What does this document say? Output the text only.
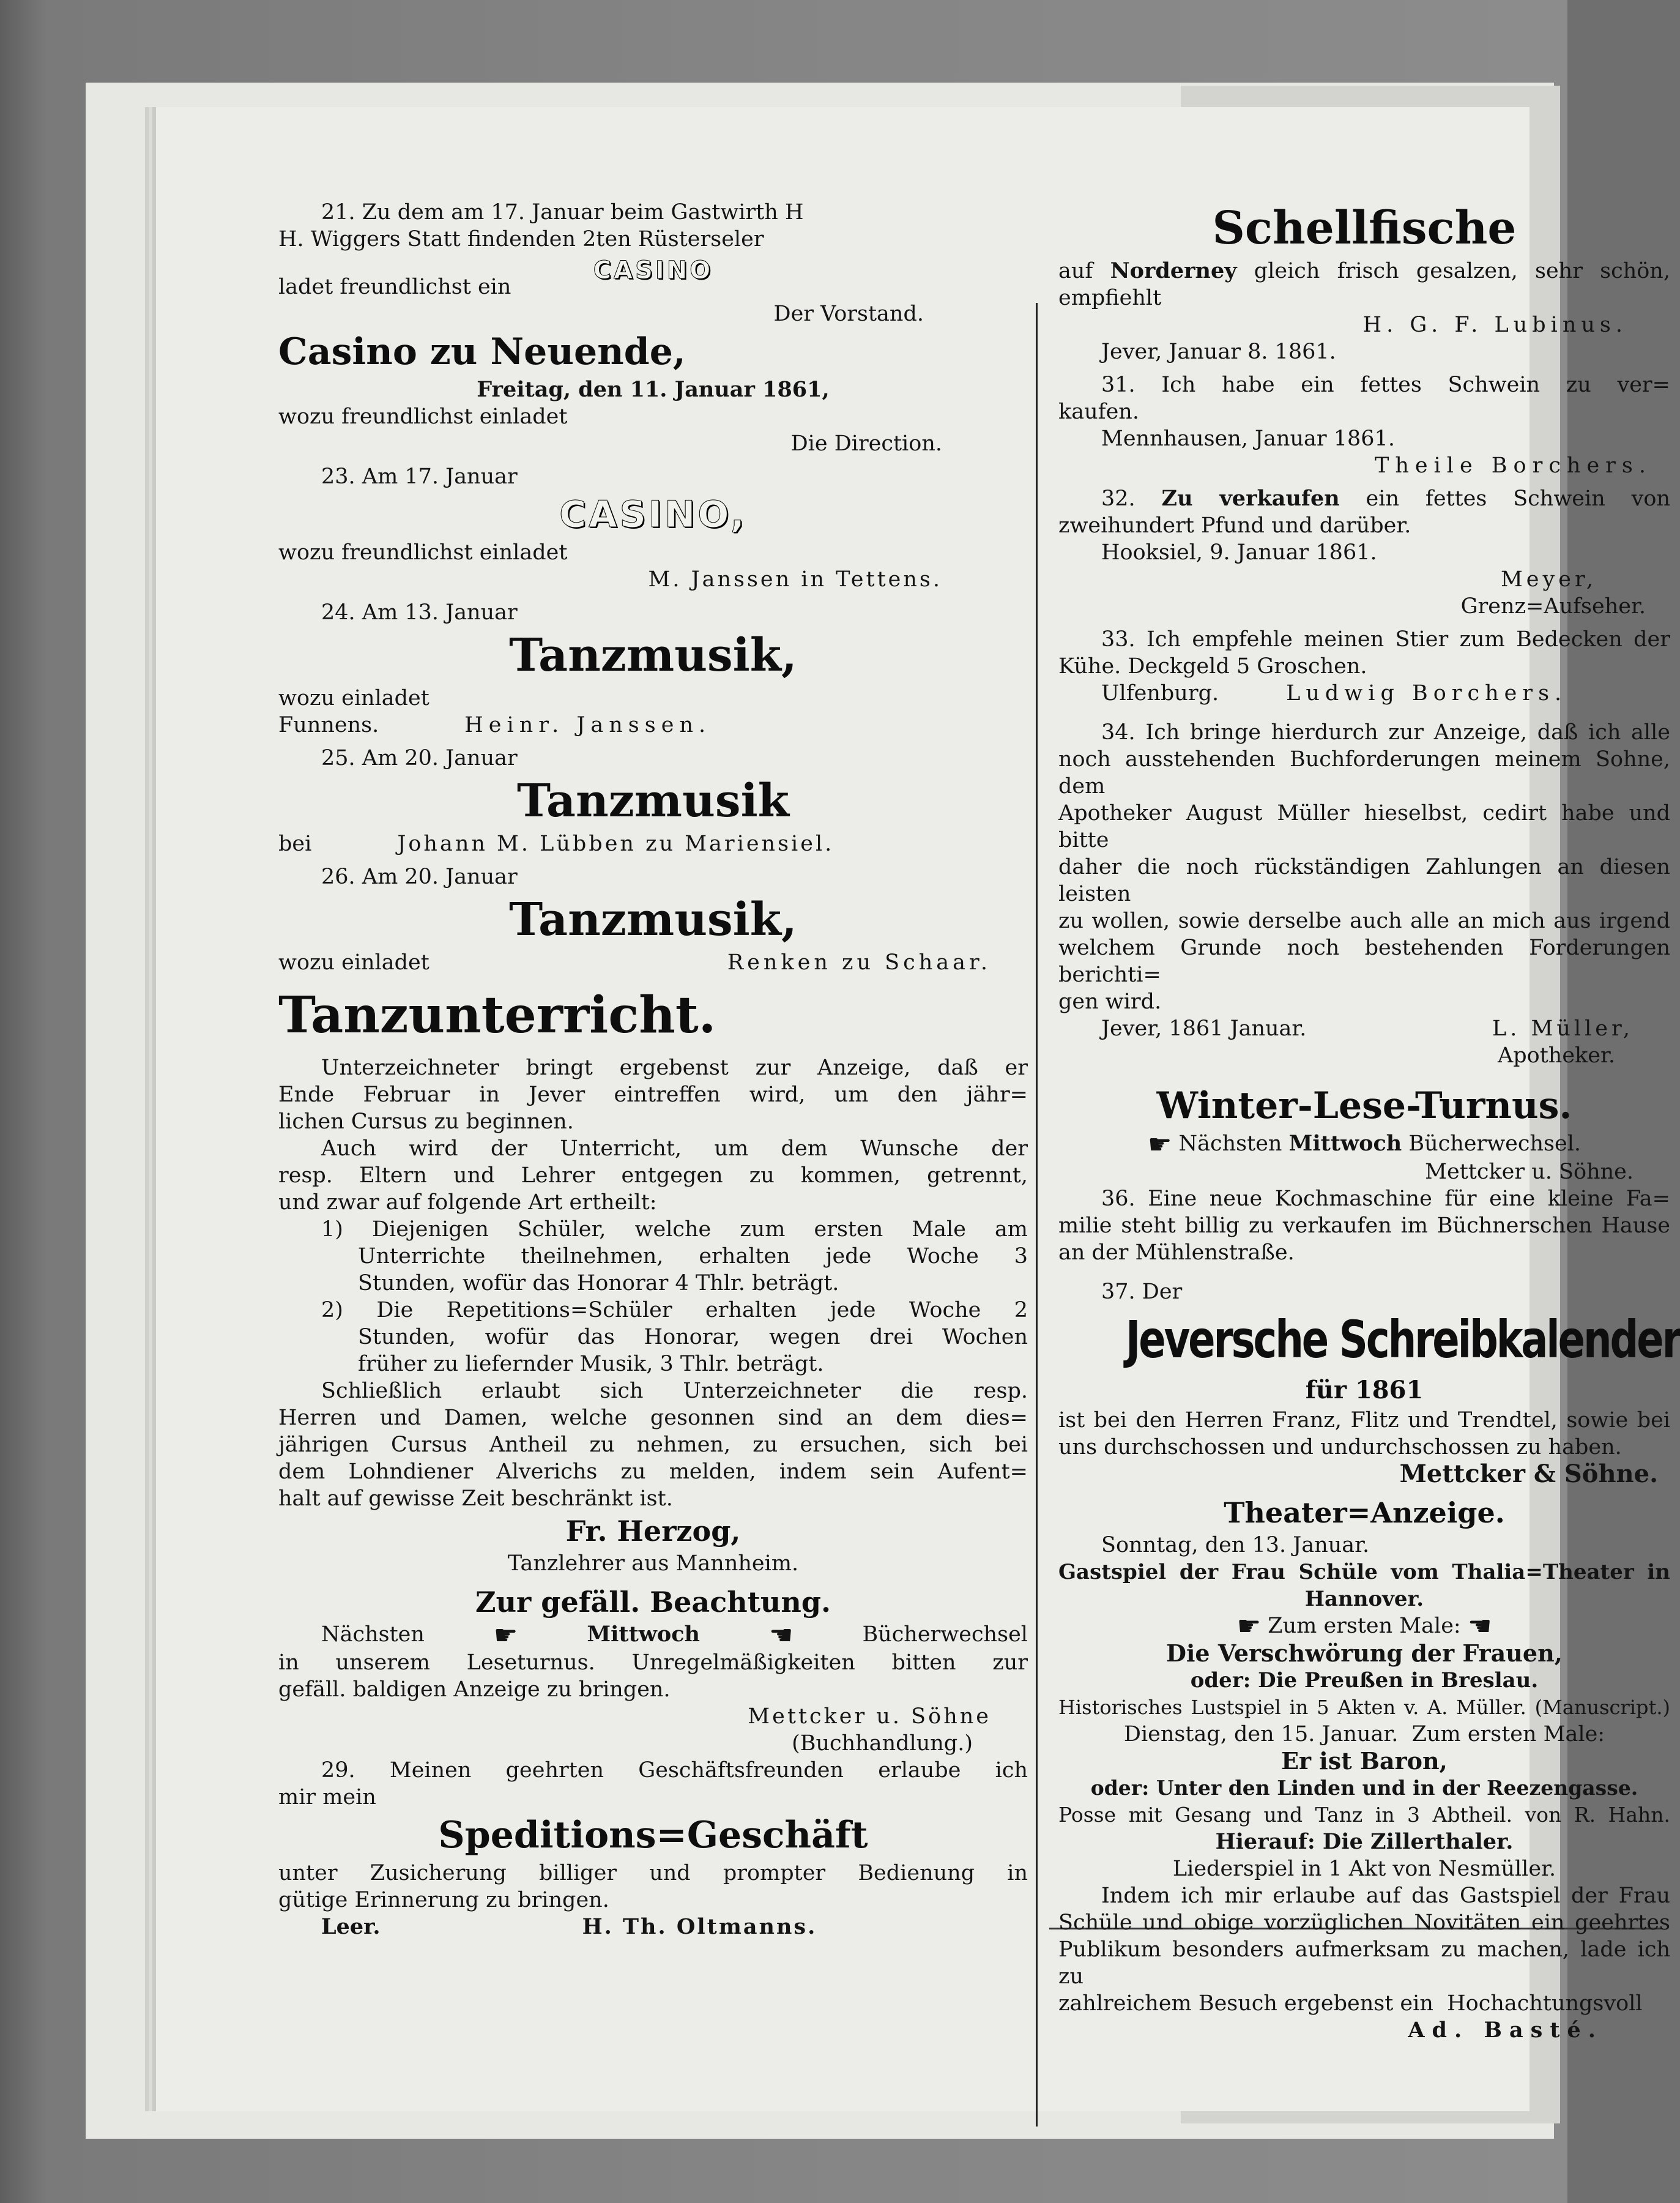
21. Zu dem am 17. Januar beim Gastwirth H

H. Wiggers Statt findenden 2ten Rüsterseler

CASINO

ladet freundlichst ein

Der Vorstand.

Casino zu Neuende,

Freitag, den 11. Januar 1861,

wozu freundlichst einladet

Die Direction.

23. Am 17. Januar

CASINO,

wozu freundlichst einladet

M. Janssen in Tettens.

24. Am 13. Januar

Tanzmusik,

wozu einladet

Funnens.	Heinr. Janssen.

25. Am 20. Januar

Tanzmusik

bei	Johann M. Lübben zu Mariensiel.

26. Am 20. Januar

Tanzmusik,

wozu einladet	Renken zu Schaar.

Tanzunterricht.

Unterzeichneter bringt ergebenst zur Anzeige, daß er

Ende Februar in Jever eintreffen wird, um den jähr=

lichen Cursus zu beginnen.

Auch wird der Unterricht, um dem Wunsche der

resp. Eltern und Lehrer entgegen zu kommen, getrennt,

und zwar auf folgende Art ertheilt:

1) Diejenigen Schüler, welche zum ersten Male am

Unterrichte theilnehmen, erhalten jede Woche 3

Stunden, wofür das Honorar 4 Thlr. beträgt.

2) Die Repetitions=Schüler erhalten jede Woche 2

Stunden, wofür das Honorar, wegen drei Wochen

früher zu liefernder Musik, 3 Thlr. beträgt.

Schließlich erlaubt sich Unterzeichneter die resp.

Herren und Damen, welche gesonnen sind an dem dies=

jährigen Cursus Antheil zu nehmen, zu ersuchen, sich bei

dem Lohndiener Alverichs zu melden, indem sein Aufent=

halt auf gewisse Zeit beschränkt ist.

Fr. Herzog,

Tanzlehrer aus Mannheim.

Zur gefäll. Beachtung.

Nächsten	☛	Mittwoch	☛	Bücherwechsel

in unserem Leseturnus. Unregelmäßigkeiten bitten zur

gefäll. baldigen Anzeige zu bringen.

Mettcker u. Söhne

(Buchhandlung.)

29. Meinen geehrten Geschäftsfreunden erlaube ich

mir mein

Speditions=Geschäft

unter Zusicherung billiger und prompter Bedienung in

gütige Erinnerung zu bringen.

Leer.	H. Th. Oltmanns.

Schellfische

auf Norderney gleich frisch gesalzen, sehr schön,

empfiehlt

H. G. F. Lubinus.

Jever, Januar 8. 1861.

31. Ich habe ein fettes Schwein zu ver=

kaufen.

Mennhausen, Januar 1861.

Theile Borchers.

32. Zu verkaufen ein fettes Schwein von

zweihundert Pfund und darüber.

Hooksiel, 9. Januar 1861.

Meyer,

Grenz=Aufseher.

33. Ich empfehle meinen Stier zum Bedecken der

Kühe. Deckgeld 5 Groschen.

Ulfenburg.	Ludwig Borchers.

34. Ich bringe hierdurch zur Anzeige, daß ich alle

noch ausstehenden Buchforderungen meinem Sohne, dem

Apotheker August Müller hieselbst, cedirt habe und bitte

daher die noch rückständigen Zahlungen an diesen leisten

zu wollen, sowie derselbe auch alle an mich aus irgend

welchem Grunde noch bestehenden Forderungen berichti=

gen wird.

Jever, 1861 Januar.	L. Müller,

Apotheker.

Winter-Lese-Turnus.

☛ Nächsten Mittwoch Bücherwechsel.

Mettcker u. Söhne.

36. Eine neue Kochmaschine für eine kleine Fa=

milie steht billig zu verkaufen im Büchnerschen Hause

an der Mühlenstraße.

37. Der

Jeversche Schreibkalender

für 1861

ist bei den Herren Franz, Flitz und Trendtel, sowie bei

uns durchschossen und undurchschossen zu haben.

Mettcker & Söhne.

Theater=Anzeige.

Sonntag, den 13. Januar.

Gastspiel der Frau Schüle vom Thalia=Theater in

Hannover.

☛ Zum ersten Male: ☛

Die Verschwörung der Frauen,

oder: Die Preußen in Breslau.

Historisches Lustspiel in 5 Akten v. A. Müller. (Manuscript.)

Dienstag, den 15. Januar.  Zum ersten Male:

Er ist Baron,

oder: Unter den Linden und in der Reezengasse.

Posse mit Gesang und Tanz in 3 Abtheil. von R. Hahn.

Hierauf: Die Zillerthaler.

Liederspiel in 1 Akt von Nesmüller.

Indem ich mir erlaube auf das Gastspiel der Frau

Schüle und obige vorzüglichen Novitäten ein geehrtes

Publikum besonders aufmerksam zu machen, lade ich zu

zahlreichem Besuch ergebenst ein  Hochachtungsvoll

Ad. Basté.
